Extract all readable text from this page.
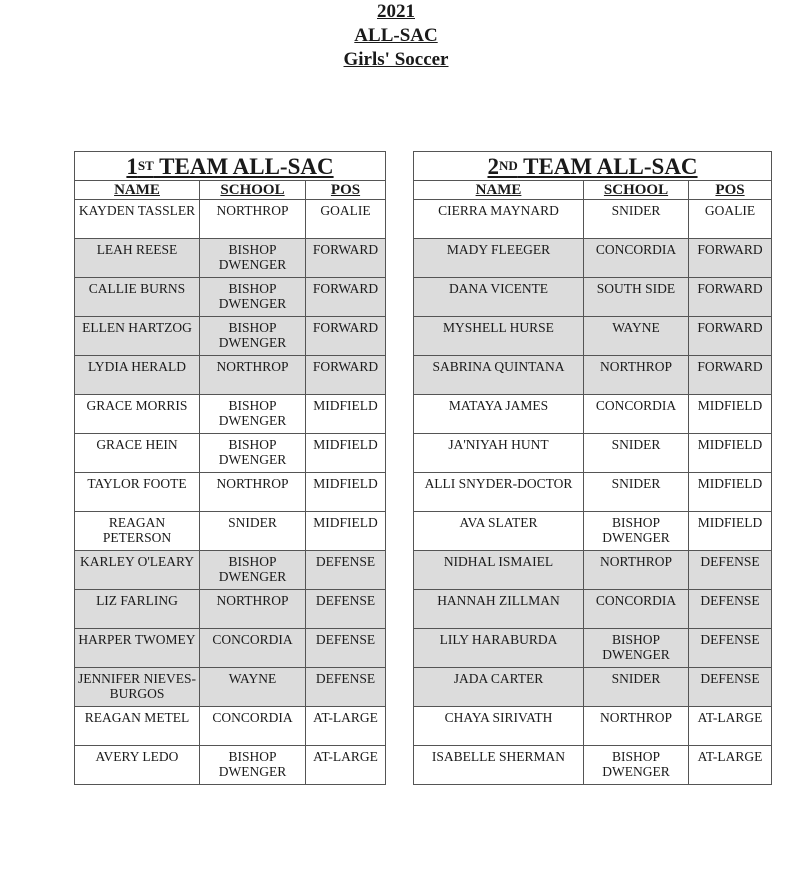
2021
ALL-SAC
Girls' Soccer
1ST TEAM ALL-SAC		
NAME	SCHOOL	POS
KAYDEN TASSLER	NORTHROP	GOALIE
LEAH REESE	BISHOP DWENGER	FORWARD
CALLIE BURNS	BISHOP DWENGER	FORWARD
ELLEN HARTZOG	BISHOP DWENGER	FORWARD
LYDIA HERALD	NORTHROP	FORWARD
GRACE MORRIS	BISHOP DWENGER	MIDFIELD
GRACE HEIN	BISHOP DWENGER	MIDFIELD
TAYLOR FOOTE	NORTHROP	MIDFIELD
REAGAN PETERSON	SNIDER	MIDFIELD
KARLEY O'LEARY	BISHOP DWENGER	DEFENSE
LIZ FARLING	NORTHROP	DEFENSE
HARPER TWOMEY	CONCORDIA	DEFENSE
JENNIFER NIEVES-BURGOS	WAYNE	DEFENSE
REAGAN METEL	CONCORDIA	AT-LARGE
AVERY LEDO	BISHOP DWENGER	AT-LARGE
2ND TEAM ALL-SAC		
NAME	SCHOOL	POS
CIERRA MAYNARD	SNIDER	GOALIE
MADY FLEEGER	CONCORDIA	FORWARD
DANA VICENTE	SOUTH SIDE	FORWARD
MYSHELL HURSE	WAYNE	FORWARD
SABRINA QUINTANA	NORTHROP	FORWARD
MATAYA JAMES	CONCORDIA	MIDFIELD
JA'NIYAH HUNT	SNIDER	MIDFIELD
ALLI SNYDER-DOCTOR	SNIDER	MIDFIELD
AVA SLATER	BISHOP DWENGER	MIDFIELD
NIDHAL ISMAIEL	NORTHROP	DEFENSE
HANNAH ZILLMAN	CONCORDIA	DEFENSE
LILY HARABURDA	BISHOP DWENGER	DEFENSE
JADA CARTER	SNIDER	DEFENSE
CHAYA SIRIVATH	NORTHROP	AT-LARGE
ISABELLE SHERMAN	BISHOP DWENGER	AT-LARGE
